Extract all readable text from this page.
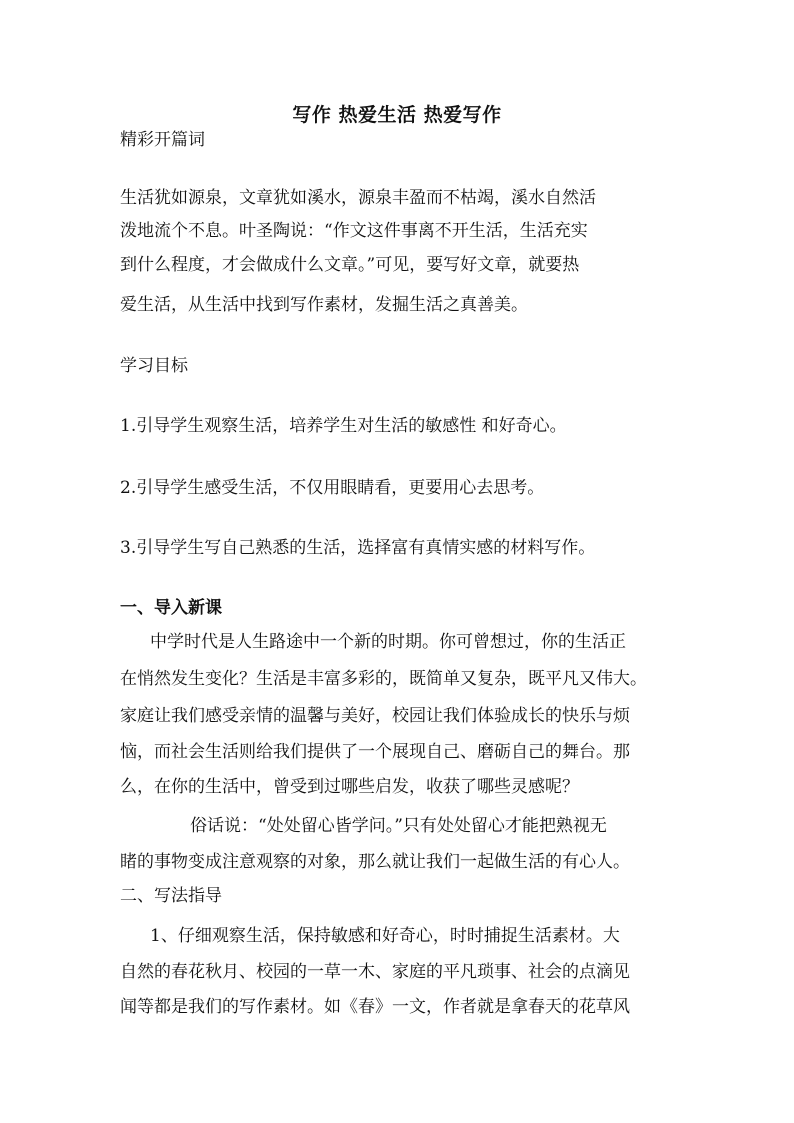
写作 热爱生活 热爱写作
精彩开篇词
生活犹如源泉，文章犹如溪水，源泉丰盈而不枯竭，溪水自然活
泼地流个不息。叶圣陶说：“作文这件事离不开生活，生活充实
到什么程度，才会做成什么文章。”可见，要写好文章，就要热
爱生活，从生活中找到写作素材，发掘生活之真善美。
学习目标
1.引导学生观察生活，培养学生对生活的敏感性 和好奇心。
2.引导学生感受生活，不仅用眼睛看，更要用心去思考。
3.引导学生写自己熟悉的生活，选择富有真情实感的材料写作。
一、导入新课
中学时代是人生路途中一个新的时期。你可曾想过，你的生活正
在悄然发生变化？生活是丰富多彩的，既简单又复杂，既平凡又伟大。
家庭让我们感受亲情的温馨与美好，校园让我们体验成长的快乐与烦
恼，而社会生活则给我们提供了一个展现自己、磨砺自己的舞台。那
么，在你的生活中，曾受到过哪些启发，收获了哪些灵感呢？
俗话说：“处处留心皆学问。”只有处处留心才能把熟视无
睹的事物变成注意观察的对象，那么就让我们一起做生活的有心人。
二、写法指导
1、仔细观察生活，保持敏感和好奇心，时时捕捉生活素材。大
自然的春花秋月、校园的一草一木、家庭的平凡琐事、社会的点滴见
闻等都是我们的写作素材。如《春》一文，作者就是拿春天的花草风
